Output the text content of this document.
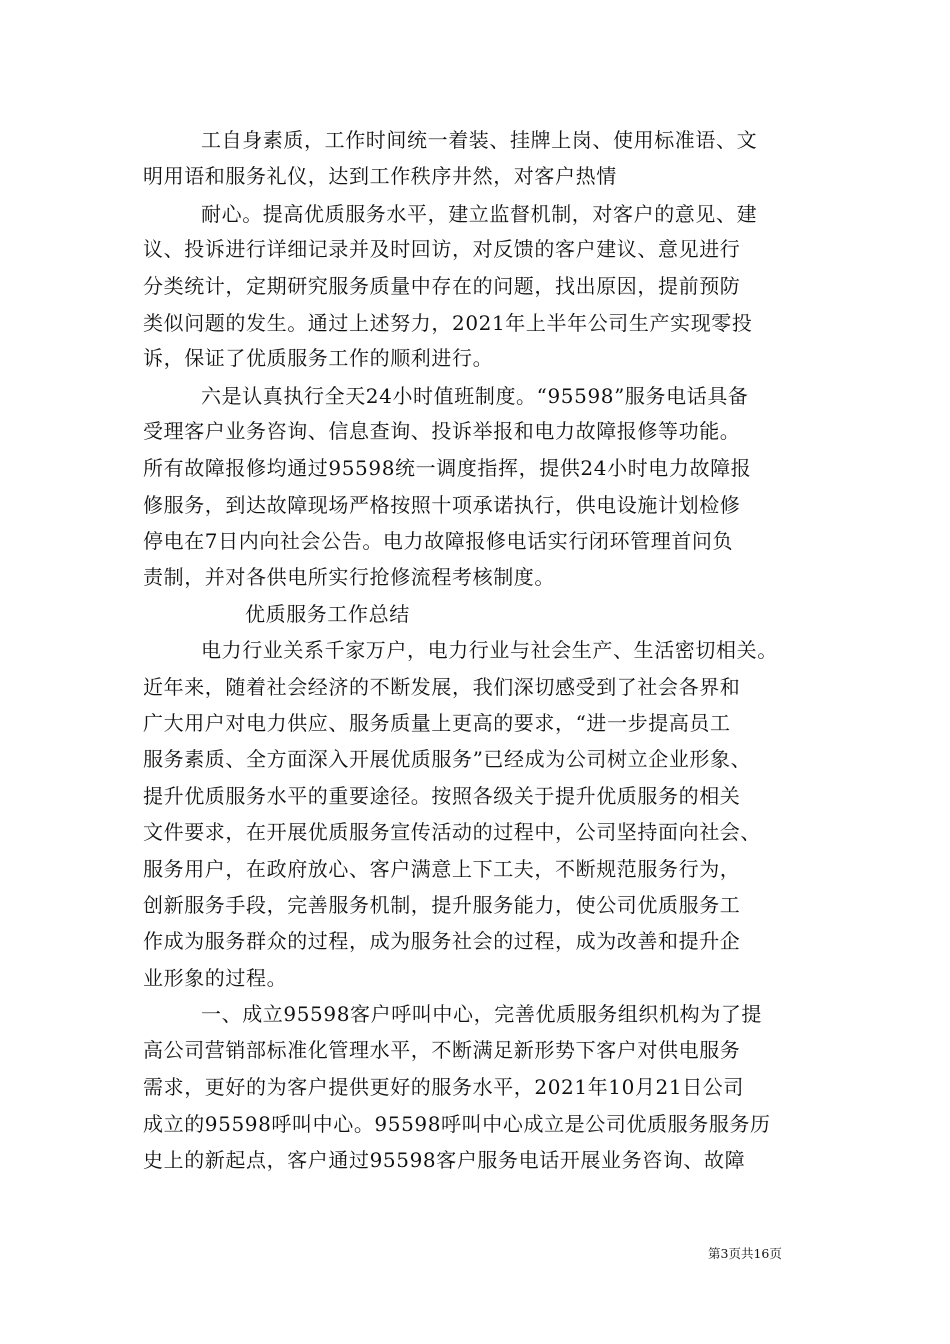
工自身素质，工作时间统一着装、挂牌上岗、使用标准语、文
明用语和服务礼仪，达到工作秩序井然，对客户热情
耐心。提高优质服务水平，建立监督机制，对客户的意见、建
议、投诉进行详细记录并及时回访，对反馈的客户建议、意见进行
分类统计，定期研究服务质量中存在的问题，找出原因，提前预防
类似问题的发生。通过上述努力，2021年上半年公司生产实现零投
诉，保证了优质服务工作的顺利进行。
六是认真执行全天24小时值班制度。“95598”服务电话具备
受理客户业务咨询、信息查询、投诉举报和电力故障报修等功能。
所有故障报修均通过95598统一调度指挥，提供24小时电力故障报
修服务，到达故障现场严格按照十项承诺执行，供电设施计划检修
停电在7日内向社会公告。电力故障报修电话实行闭环管理首问负
责制，并对各供电所实行抢修流程考核制度。
优质服务工作总结
电力行业关系千家万户，电力行业与社会生产、生活密切相关。
近年来，随着社会经济的不断发展，我们深切感受到了社会各界和
广大用户对电力供应、服务质量上更高的要求，“进一步提高员工
服务素质、全方面深入开展优质服务”已经成为公司树立企业形象、
提升优质服务水平的重要途径。按照各级关于提升优质服务的相关
文件要求，在开展优质服务宣传活动的过程中，公司坚持面向社会、
服务用户，在政府放心、客户满意上下工夫，不断规范服务行为，
创新服务手段，完善服务机制，提升服务能力，使公司优质服务工
作成为服务群众的过程，成为服务社会的过程，成为改善和提升企
业形象的过程。
一、成立95598客户呼叫中心，完善优质服务组织机构为了提
高公司营销部标准化管理水平，不断满足新形势下客户对供电服务
需求，更好的为客户提供更好的服务水平，2021年10月21日公司
成立的95598呼叫中心。95598呼叫中心成立是公司优质服务服务历
史上的新起点，客户通过95598客户服务电话开展业务咨询、故障
第3页共16页
